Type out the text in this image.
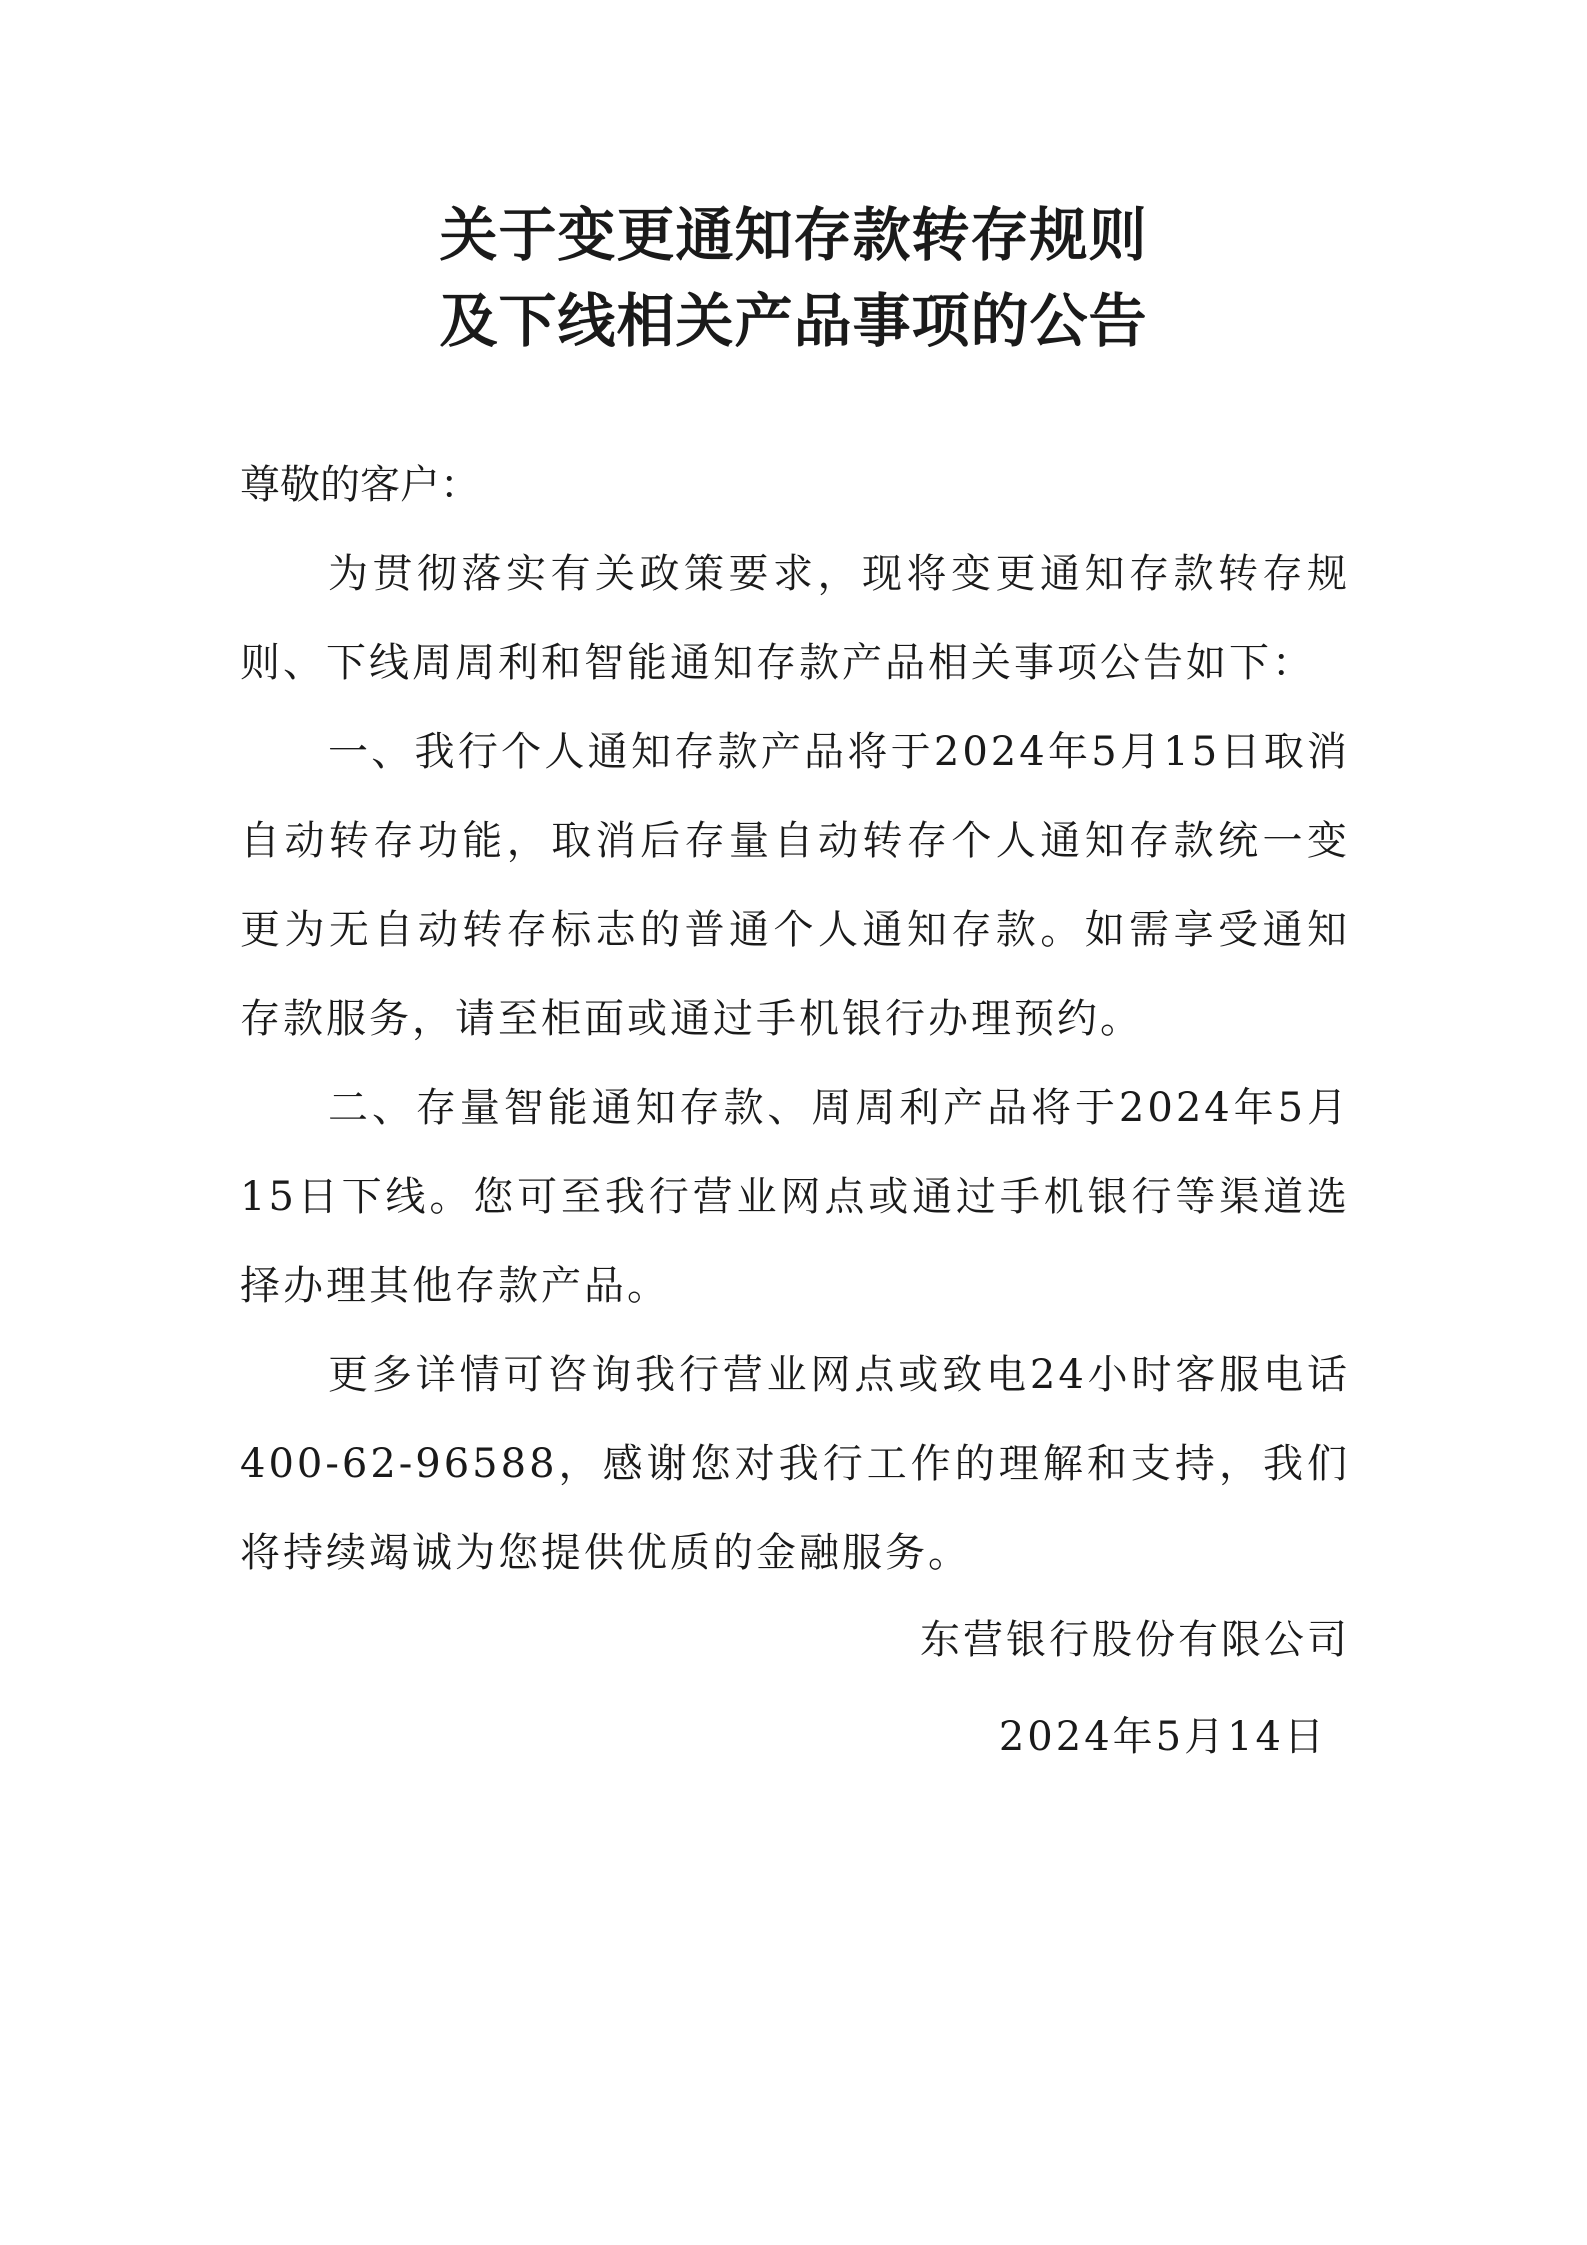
关于变更通知存款转存规则
及下线相关产品事项的公告
尊敬的客户：

为贯彻落实有关政策要求，现将变更通知存款转存规则、下线周周利和智能通知存款产品相关事项公告如下：

一、我行个人通知存款产品将于2024年5月15日取消自动转存功能，取消后存量自动转存个人通知存款统一变更为无自动转存标志的普通个人通知存款。如需享受通知存款服务，请至柜面或通过手机银行办理预约。

二、存量智能通知存款、周周利产品将于2024年5月15日下线。您可至我行营业网点或通过手机银行等渠道选择办理其他存款产品。

更多详情可咨询我行营业网点或致电24小时客服电话400-62-96588，感谢您对我行工作的理解和支持，我们将持续竭诚为您提供优质的金融服务。

东营银行股份有限公司
2024年5月14日
